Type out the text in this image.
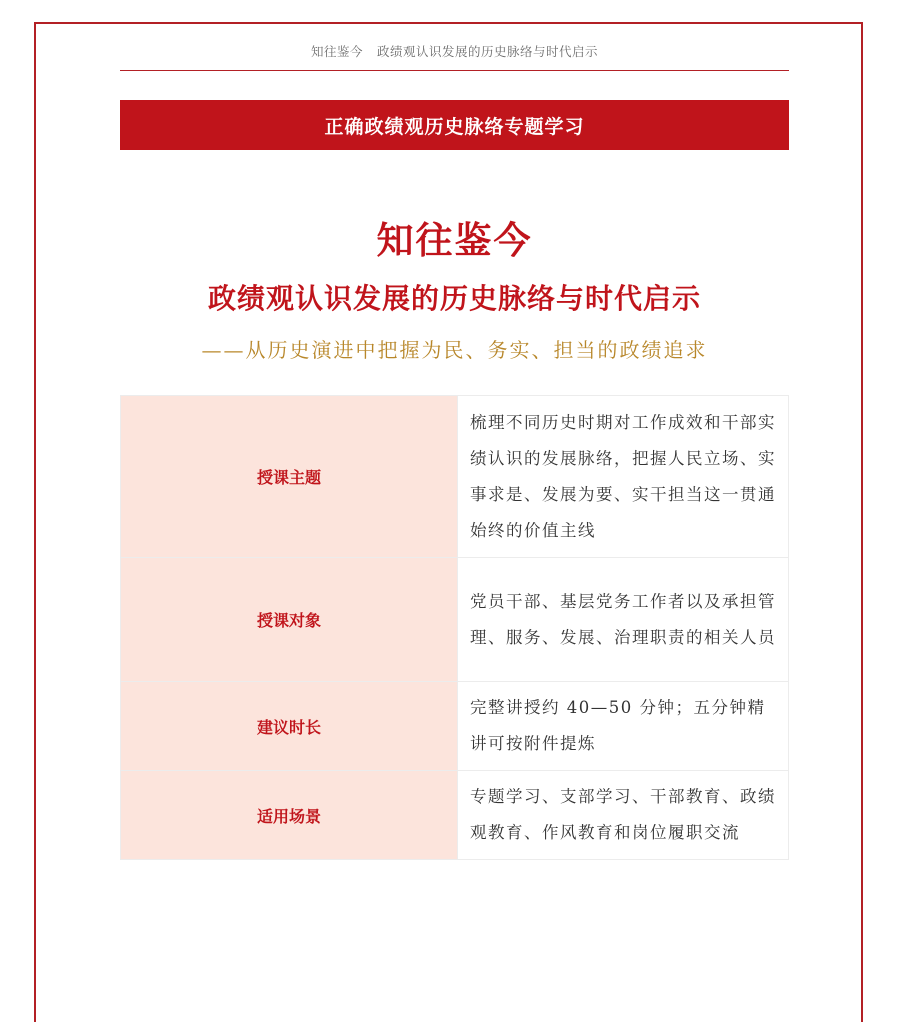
知往鉴今 政绩观认识发展的历史脉络与时代启示
正确政绩观历史脉络专题学习
知往鉴今
政绩观认识发展的历史脉络与时代启示
——从历史演进中把握为民、务实、担当的政绩追求
授课主题	梳理不同历史时期对工作成效和干部实绩认识的发展脉络，把握人民立场、实事求是、发展为要、实干担当这一贯通始终的价值主线
授课对象	党员干部、基层党务工作者以及承担管理、服务、发展、治理职责的相关人员
建议时长	完整讲授约 40—50 分钟；五分钟精讲可按附件提炼
适用场景	专题学习、支部学习、干部教育、政绩观教育、作风教育和岗位履职交流
